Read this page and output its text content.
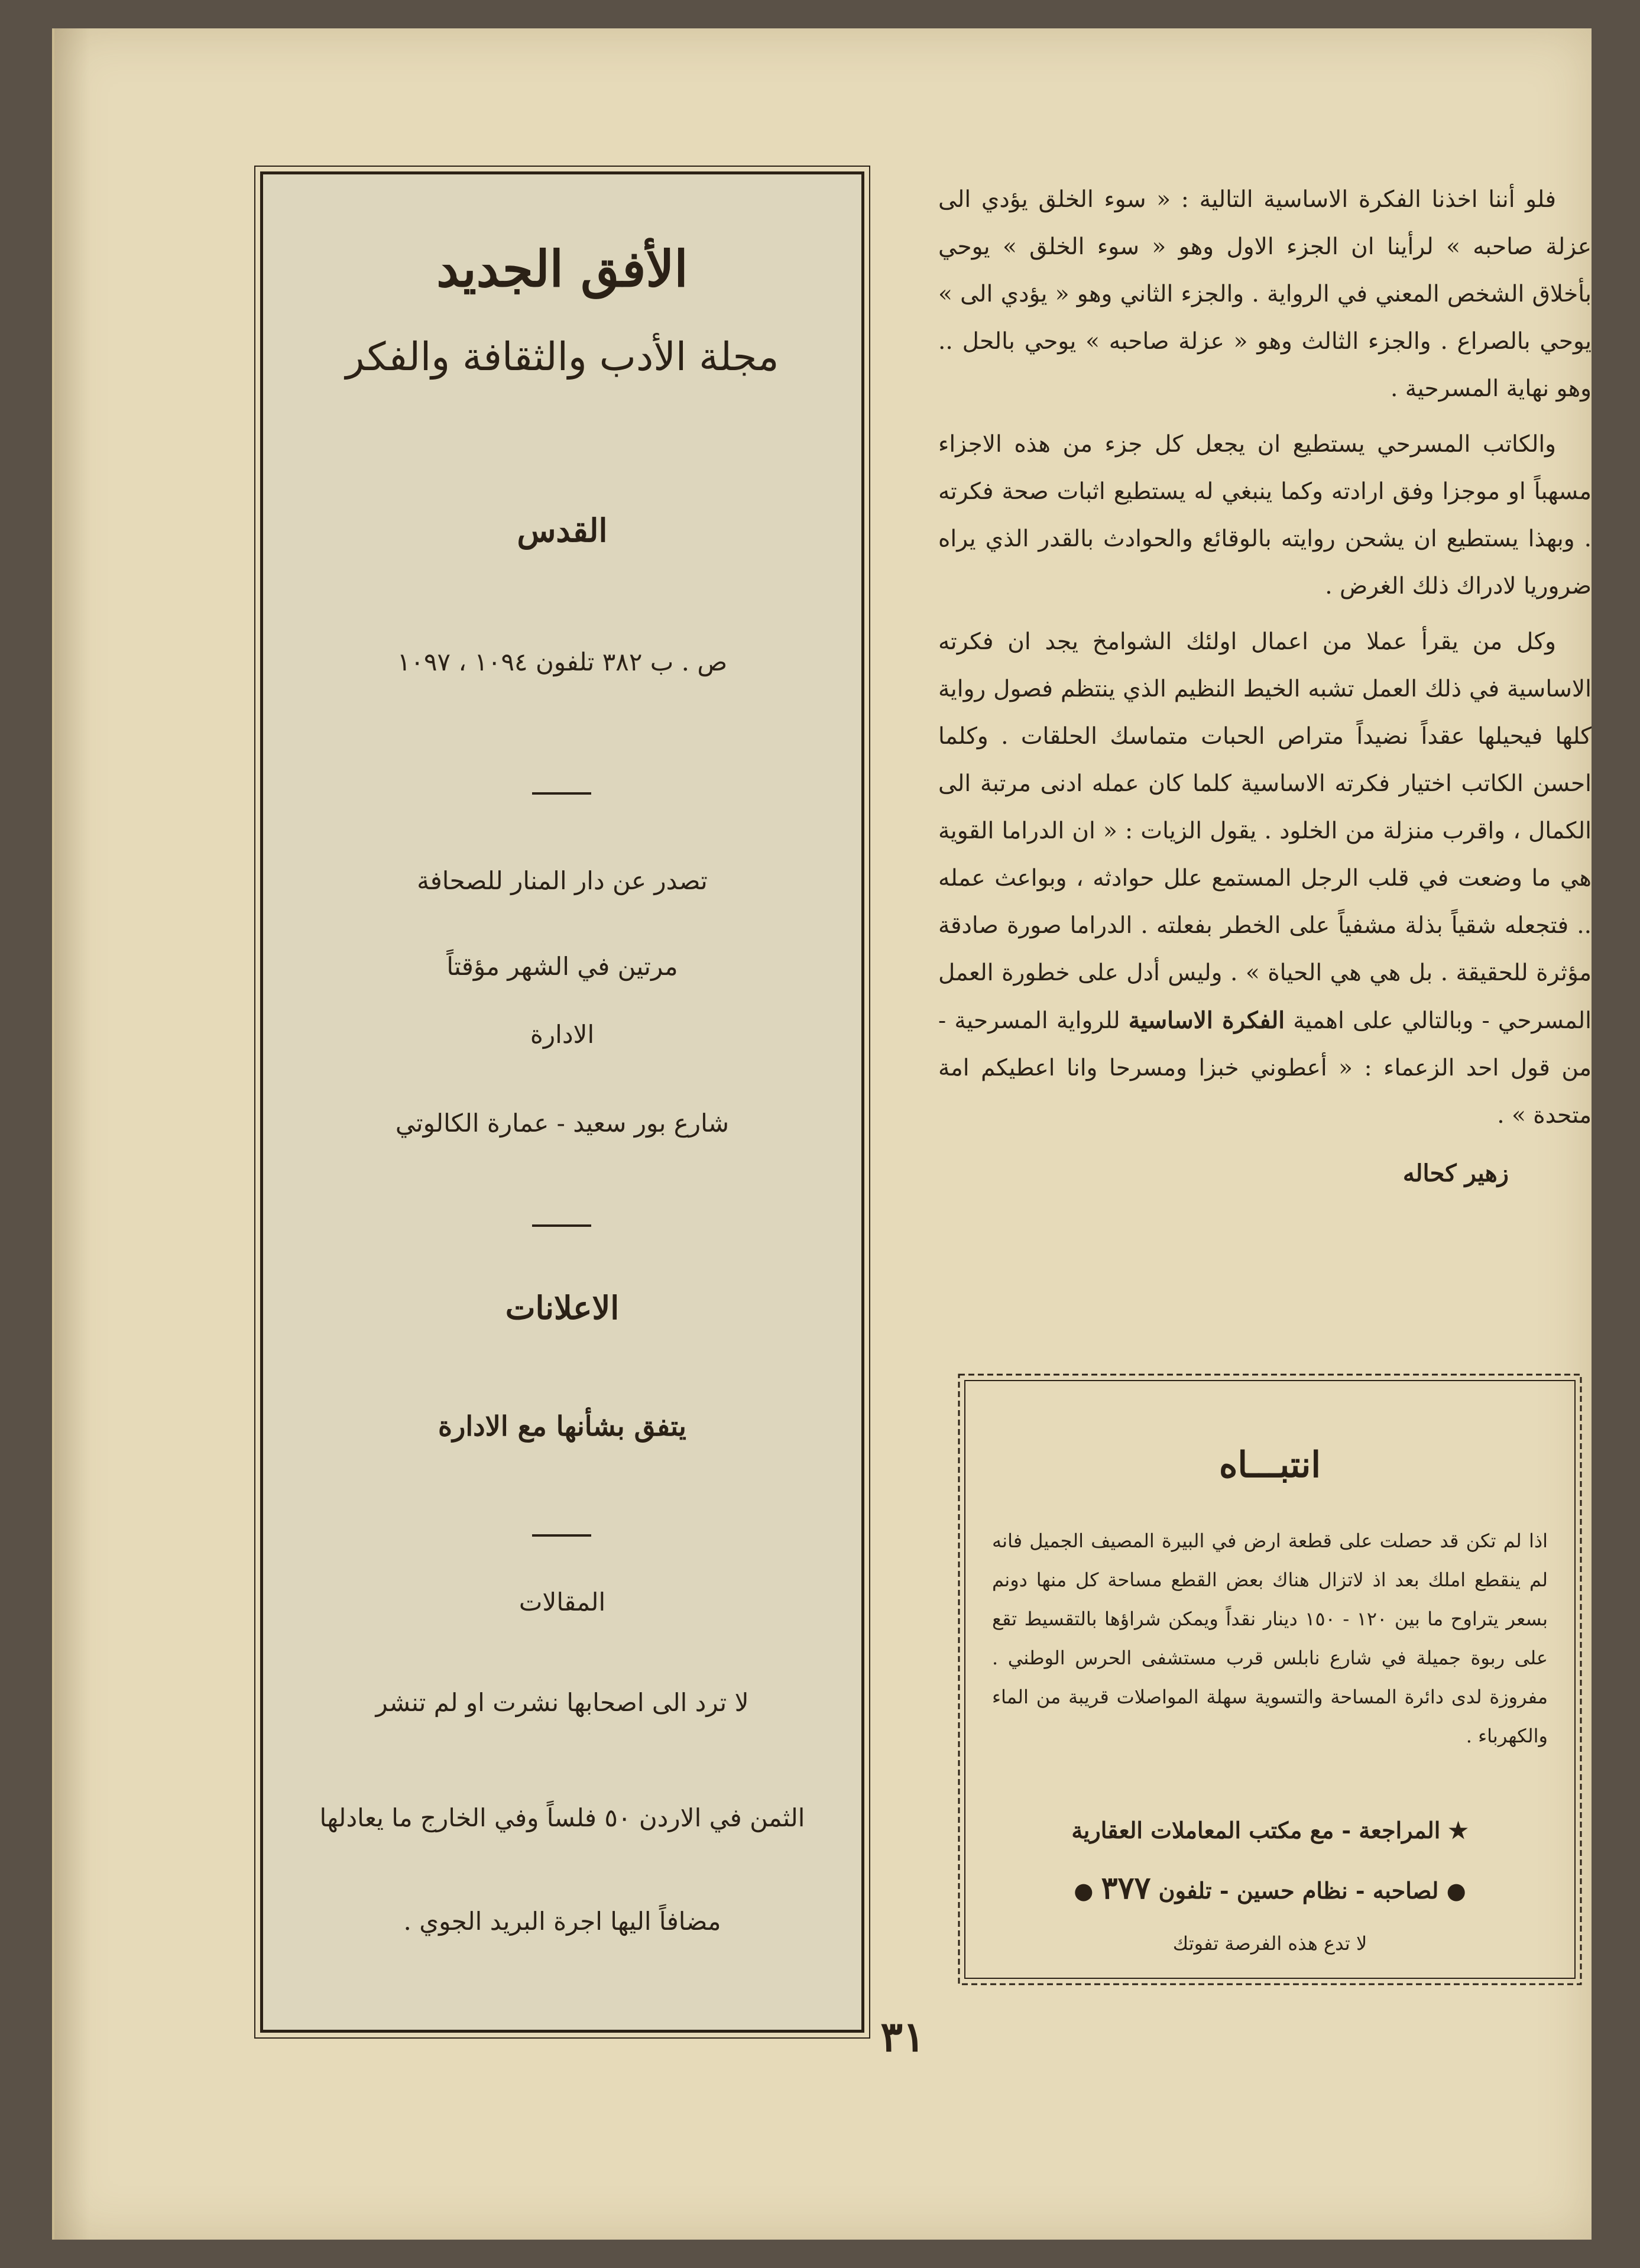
فلو أننا اخذنا الفكرة الاساسية التالية : « سوء الخلق يؤدي الى عزلة صاحبه » لرأينا ان الجزء الاول وهو « سوء الخلق » يوحي بأخلاق الشخص المعني في الرواية . والجزء الثاني وهو « يؤدي الى » يوحي بالصراع . والجزء الثالث وهو « عزلة صاحبه » يوحي بالحل .. وهو نهاية المسرحية .

والكاتب المسرحي يستطيع ان يجعل كل جزء من هذه الاجزاء مسهباً او موجزا وفق ارادته وكما ينبغي له يستطيع اثبات صحة فكرته . وبهذا يستطيع ان يشحن روايته بالوقائع والحوادث بالقدر الذي يراه ضروريا لادراك ذلك الغرض .

وكل من يقرأ عملا من اعمال اولئك الشوامخ يجد ان فكرته الاساسية في ذلك العمل تشبه الخيط النظيم الذي ينتظم فصول رواية كلها فيحيلها عقداً نضيداً متراص الحبات متماسك الحلقات . وكلما احسن الكاتب اختيار فكرته الاساسية كلما كان عمله ادنى مرتبة الى الكمال ، واقرب منزلة من الخلود . يقول الزيات : « ان الدراما القوية هي ما وضعت في قلب الرجل المستمع علل حوادثه ، وبواعث عمله .. فتجعله شقياً بذلة مشفياً على الخطر بفعلته . الدراما صورة صادقة مؤثرة للحقيقة . بل هي هي الحياة » . وليس أدل على خطورة العمل المسرحي - وبالتالي على اهمية الفكرة الاساسية للرواية المسرحية - من قول احد الزعماء : « أعطوني خبزا ومسرحا وانا اعطيكم امة متحدة » .

زهير كحاله
الأفق الجديد
مجلة الأدب والثقافة والفكر
القدس
ص . ب ٣٨٢ تلفون ١٠٩٤ ، ١٠٩٧
تصدر عن دار المنار للصحافة
مرتين في الشهر مؤقتاً
الادارة
شارع بور سعيد - عمارة الكالوتي
الاعلانات
يتفق بشأنها مع الادارة
المقالات
لا ترد الى اصحابها نشرت او لم تنشر
الثمن في الاردن ٥٠ فلساً وفي الخارج ما يعادلها
مضافاً اليها اجرة البريد الجوي .
انتبـــاه
اذا لم تكن قد حصلت على قطعة ارض في البيرة المصيف الجميل فانه لم ينقطع املك بعد اذ لاتزال هناك بعض القطع مساحة كل منها دونم بسعر يتراوح ما بين ١٢٠ - ١٥٠ دينار نقداً ويمكن شراؤها بالتقسيط تقع على ربوة جميلة في شارع نابلس قرب مستشفى الحرس الوطني . مفروزة لدى دائرة المساحة والتسوية سهلة المواصلات قريبة من الماء والكهرباء .
★ المراجعة - مع مكتب المعاملات العقارية
● لصاحبه - نظام حسين - تلفون ٣٧٧ ●
لا تدع هذه الفرصة تفوتك
٣١
